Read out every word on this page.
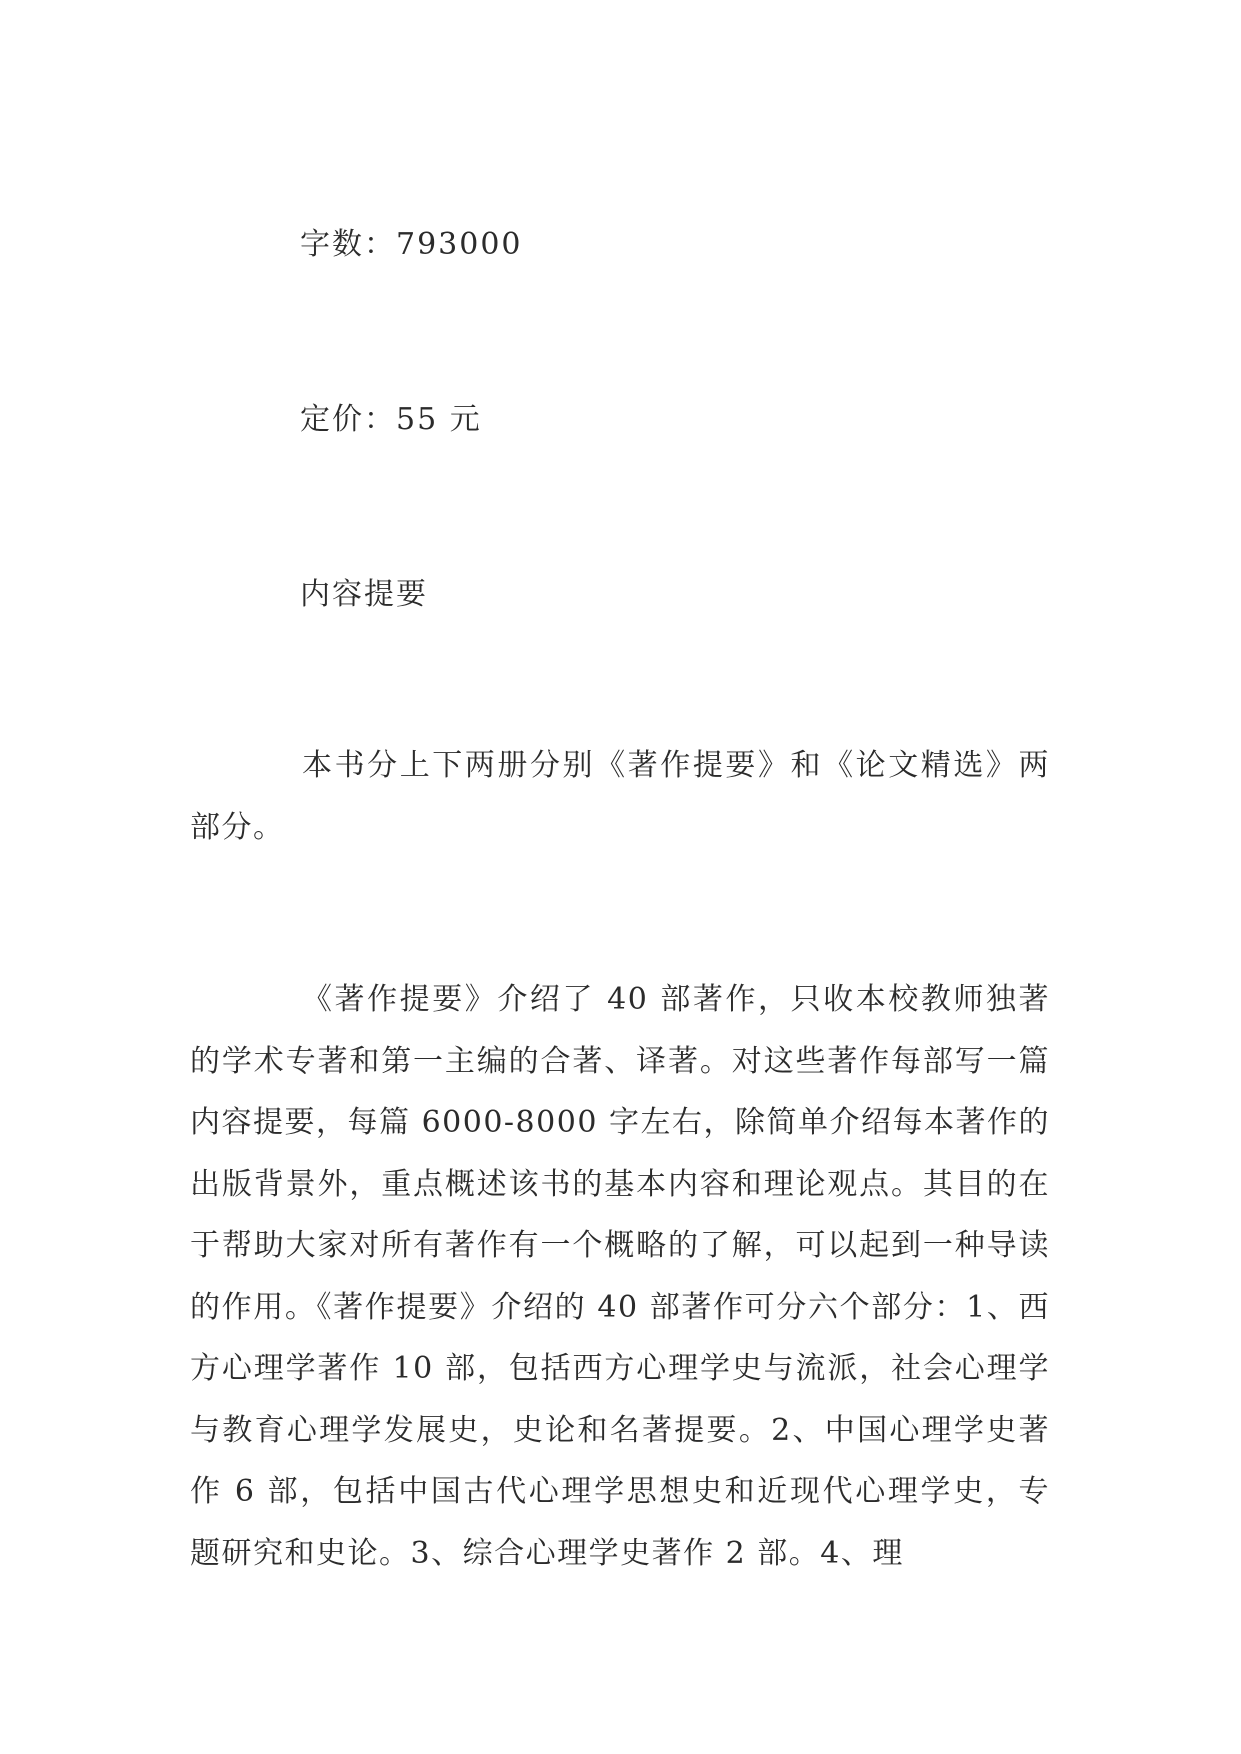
字数：793000

定价：55 元

内容提要

本书分上下两册分别《著作提要》和《论文精选》两部分。

《著作提要》介绍了 40 部著作，只收本校教师独著的学术专著和第一主编的合著、译著。对这些著作每部写一篇内容提要，每篇 6000-8000 字左右，除简单介绍每本著作的出版背景外，重点概述该书的基本内容和理论观点。其目的在于帮助大家对所有著作有一个概略的了解，可以起到一种导读的作用。《著作提要》介绍的 40 部著作可分六个部分：1、西方心理学著作 10 部，包括西方心理学史与流派，社会心理学与教育心理学发展史，史论和名著提要。2、中国心理学史著作 6 部，包括中国古代心理学思想史和近现代心理学史，专题研究和史论。3、综合心理学史著作 2 部。4、理
